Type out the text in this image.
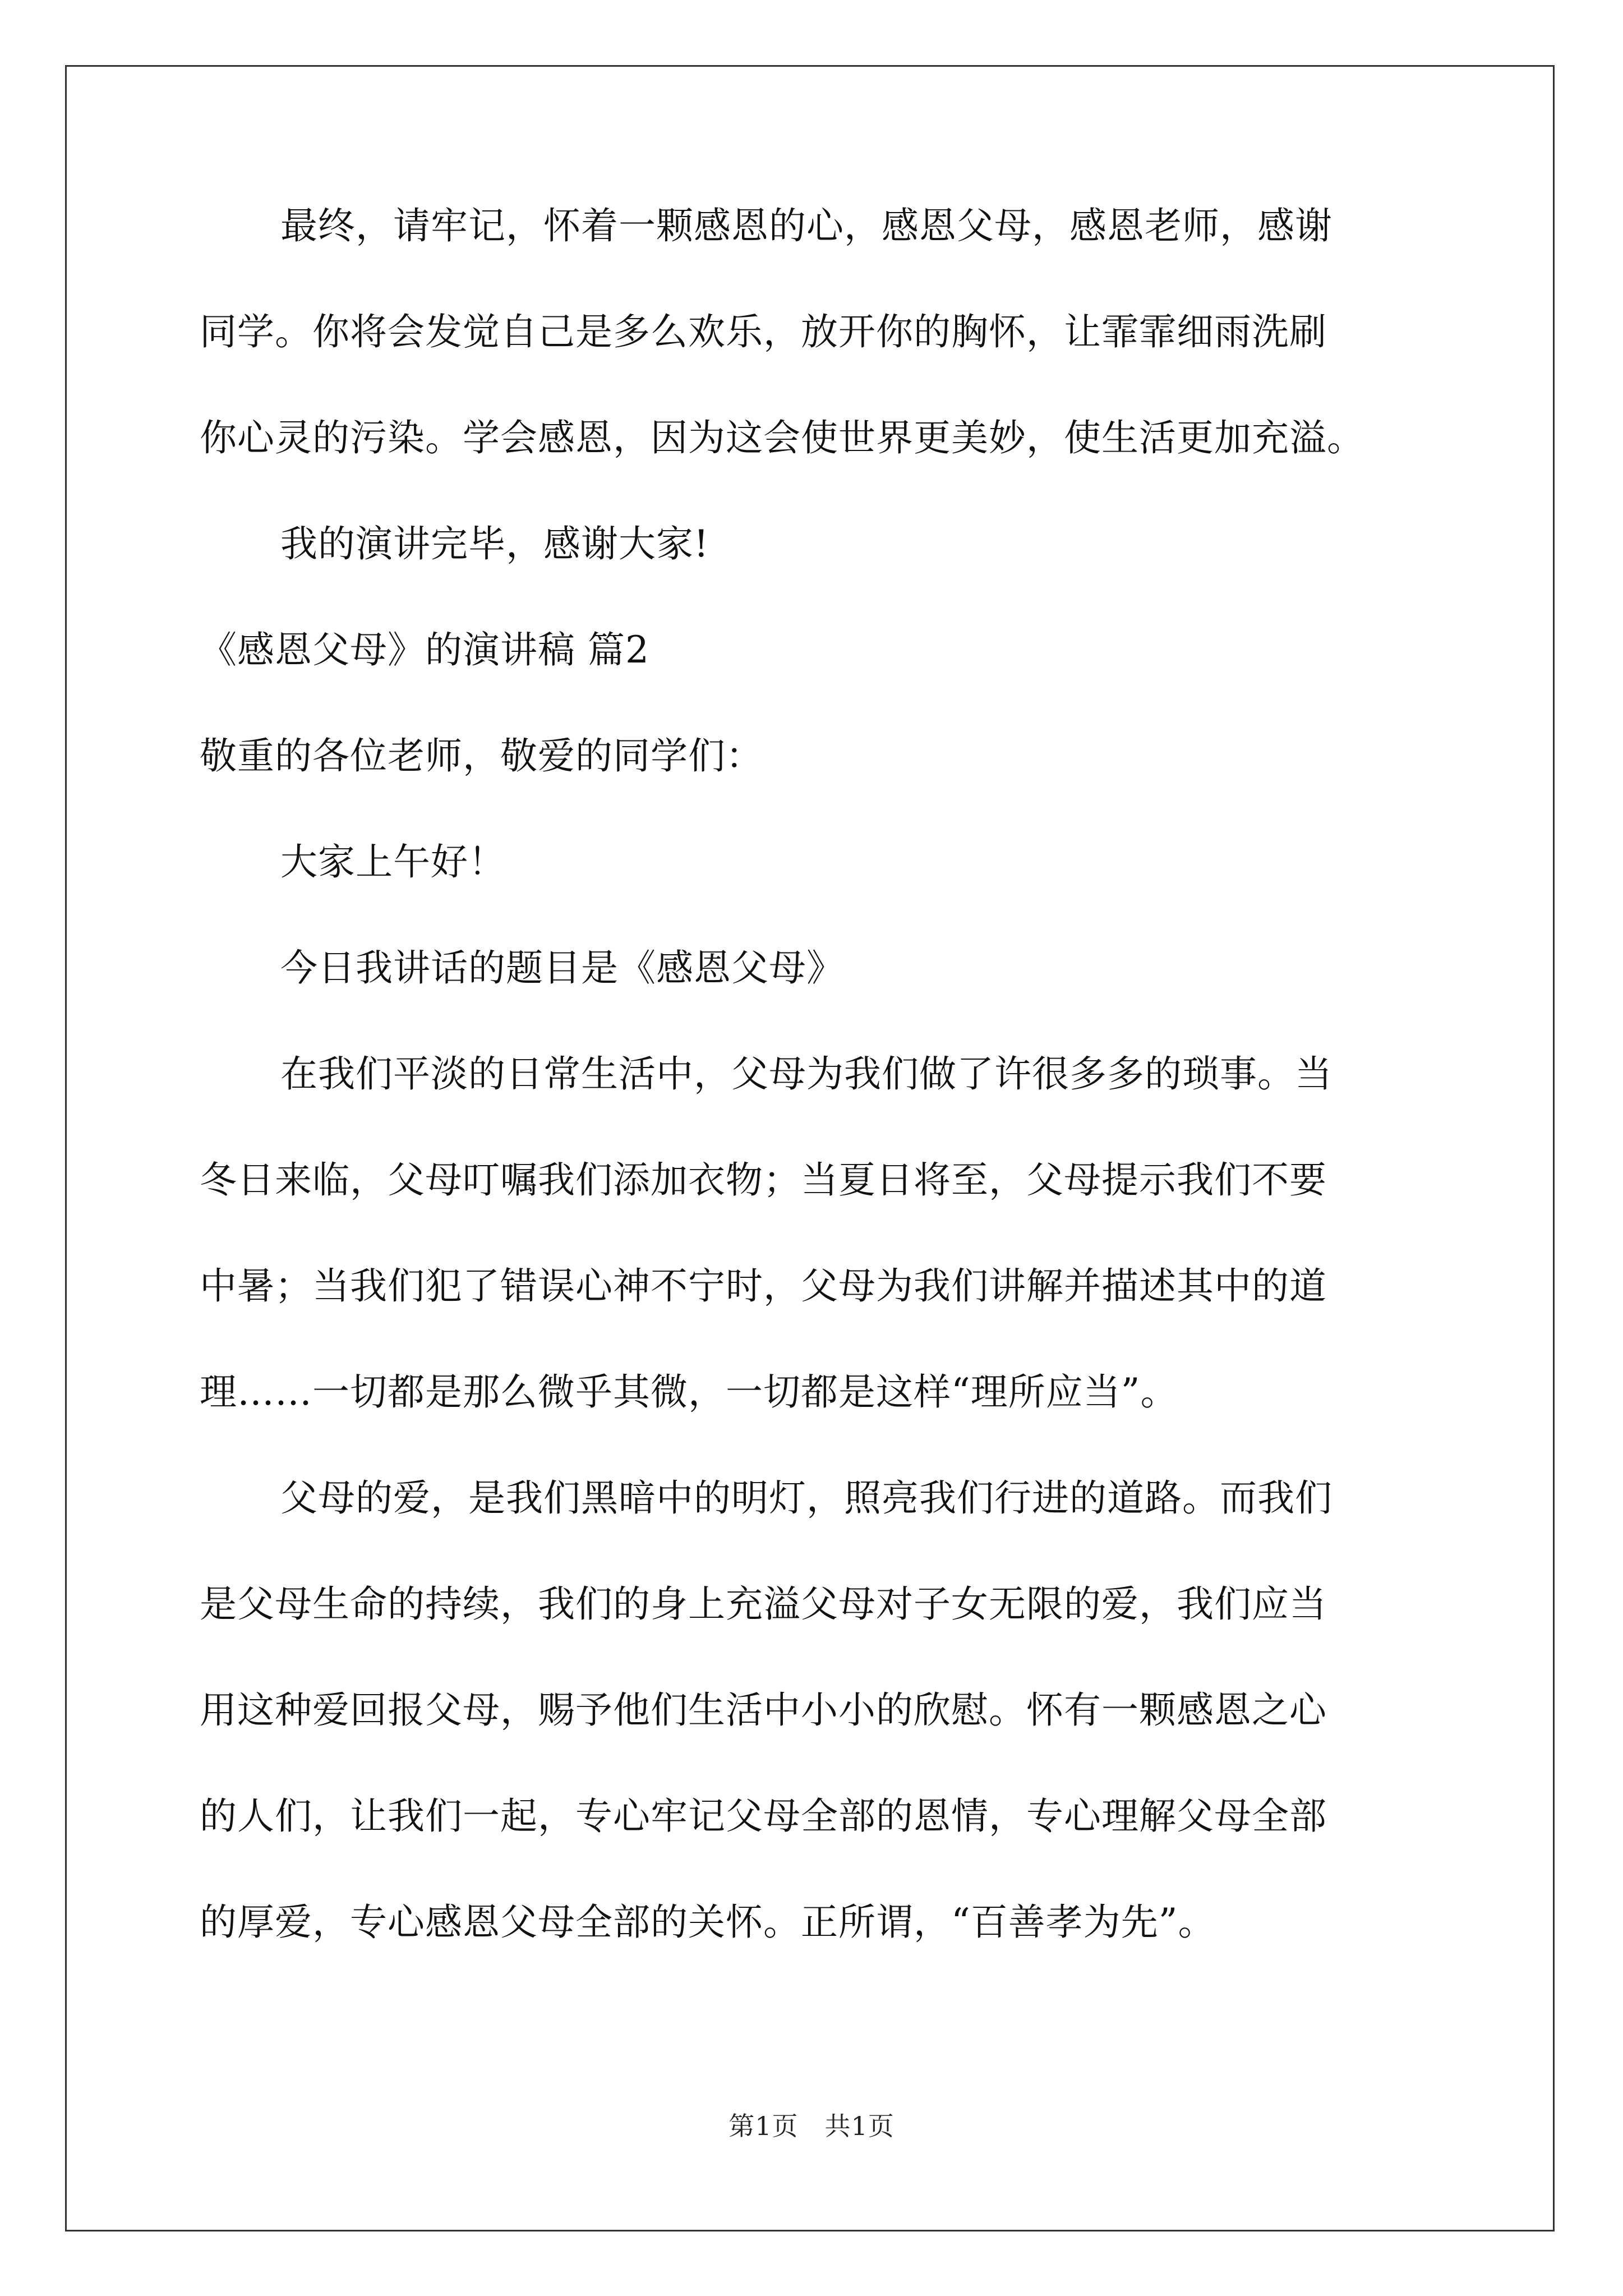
最终，请牢记，怀着一颗感恩的心，感恩父母，感恩老师，感谢

同学。你将会发觉自己是多么欢乐，放开你的胸怀，让霏霏细雨洗刷

你心灵的污染。学会感恩，因为这会使世界更美妙，使生活更加充溢。

我的演讲完毕，感谢大家!

《感恩父母》的演讲稿 篇2

敬重的各位老师，敬爱的同学们：

大家上午好！

今日我讲话的题目是《感恩父母》

在我们平淡的日常生活中，父母为我们做了许很多多的琐事。当

冬日来临，父母叮嘱我们添加衣物；当夏日将至，父母提示我们不要

中暑；当我们犯了错误心神不宁时，父母为我们讲解并描述其中的道

理……一切都是那么微乎其微，一切都是这样“理所应当”。

父母的爱，是我们黑暗中的明灯，照亮我们行进的道路。而我们

是父母生命的持续，我们的身上充溢父母对子女无限的爱，我们应当

用这种爱回报父母，赐予他们生活中小小的欣慰。怀有一颗感恩之心

的人们，让我们一起，专心牢记父母全部的恩情，专心理解父母全部

的厚爱，专心感恩父母全部的关怀。正所谓，“百善孝为先”。

第1页　共1页
